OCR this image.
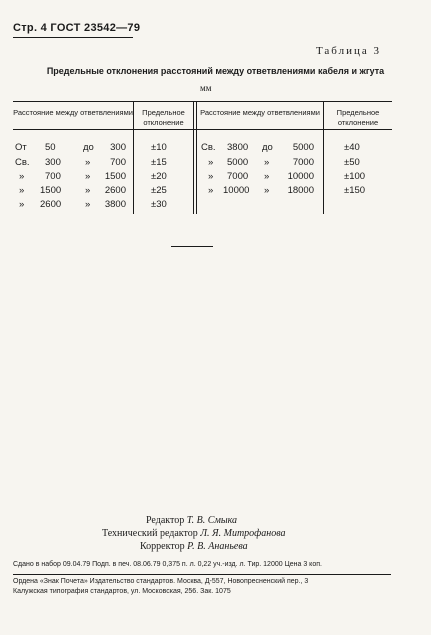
Стр. 4 ГОСТ 23542—79
Таблица 3
Предельные отклонения расстояний между ответвлениями кабеля и жгута
мм
Расстояние между ответвлениями	Предельное отклонение
Расстояние между ответвлениями	Предельное отклонение
От 50	до 300	±10
Св. 300	» 700	±15
» 700	» 1500	±20
» 1500	» 2600	±25
» 2600	» 3800	±30
Св. 3800 до 5000	±40
» 5000 » 7000	±50
» 7000 » 10000	±100
» 10000 » 18000	±150
Редактор Т. В. Смыка
Технический редактор Л. Я. Митрофанова
Корректор Р. В. Ананьева
Сдано в набор 09.04.79 Подп. в печ. 08.06.79 0,375 п. л. 0,22 уч.-изд. л. Тир. 12000 Цена 3 коп.
Ордена «Знак Почета» Издательство стандартов. Москва, Д-557, Новопресненский пер., 3
Калужская типография стандартов, ул. Московская, 256. Зак. 1075
